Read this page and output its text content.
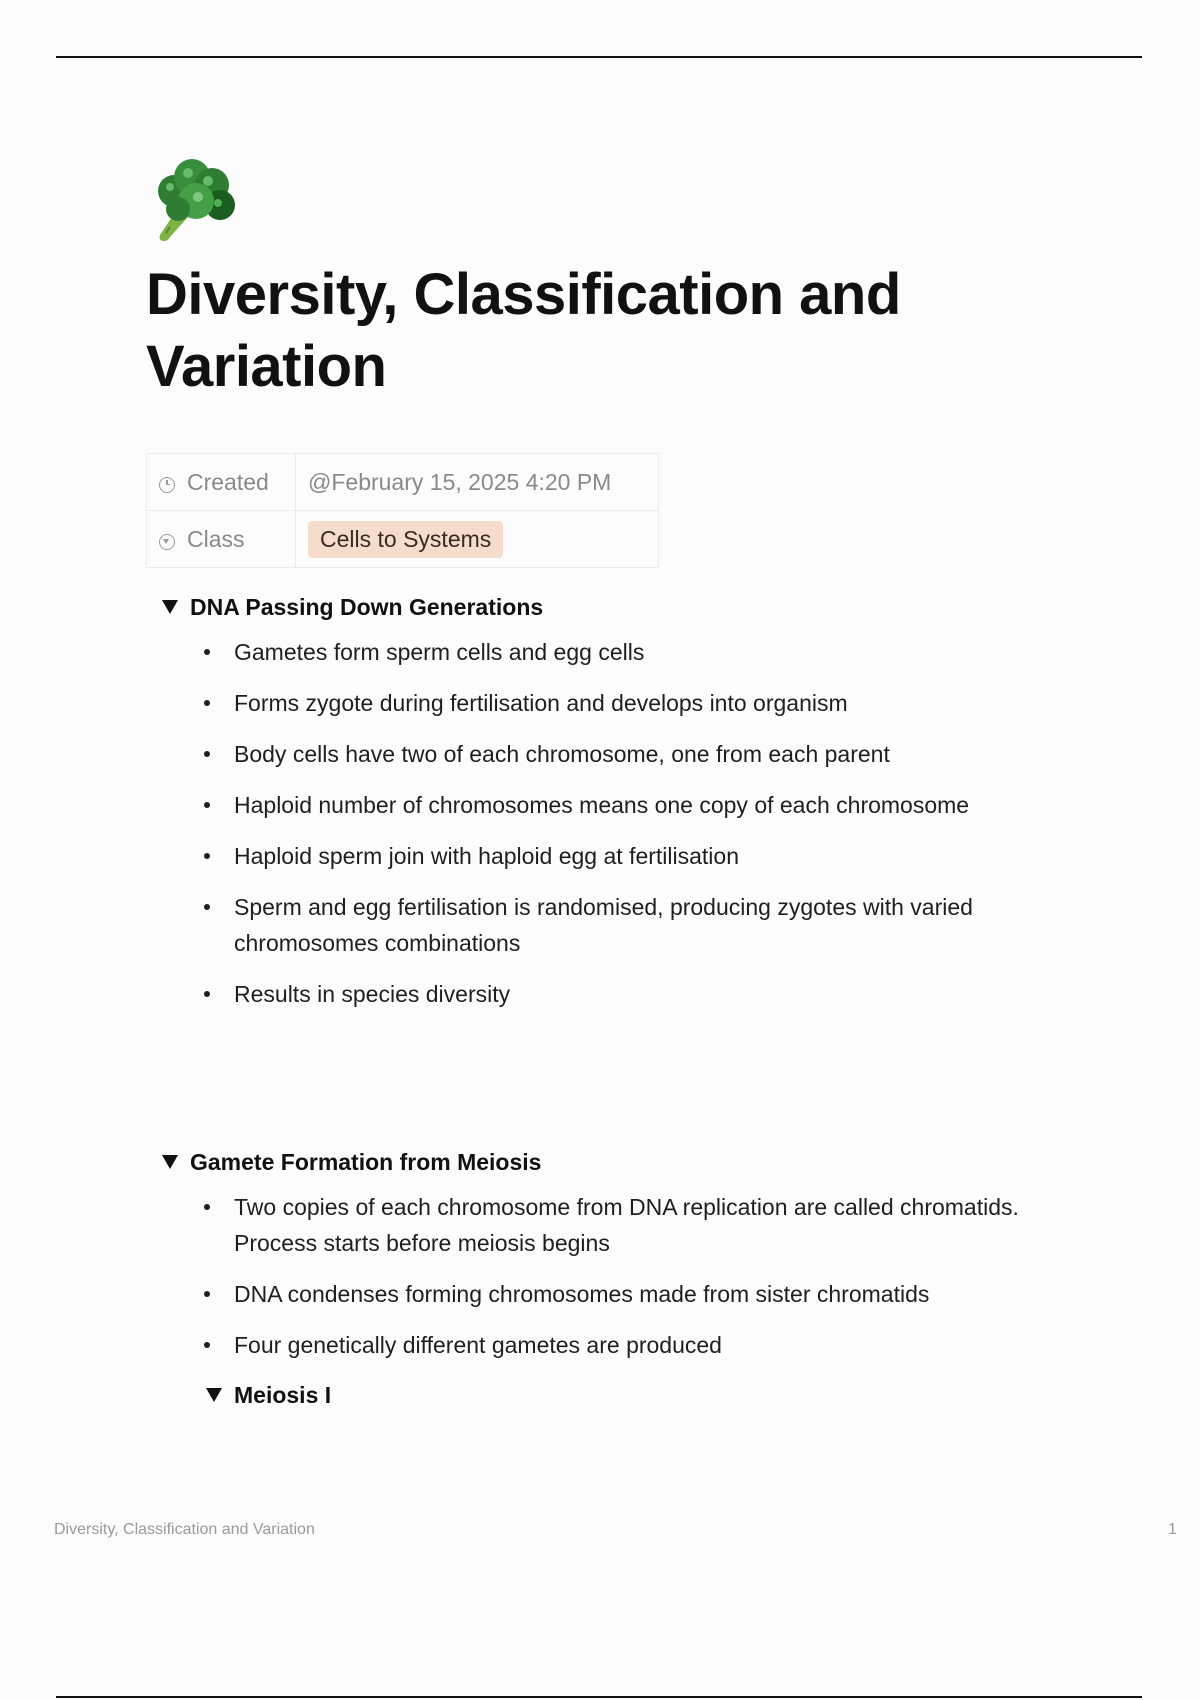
Diversity, Classification and Variation
Created	@February 15, 2025 4:20 PM
Class	Cells to Systems
DNA Passing Down Generations
Gametes form sperm cells and egg cells
Forms zygote during fertilisation and develops into organism
Body cells have two of each chromosome, one from each parent
Haploid number of chromosomes means one copy of each chromosome
Haploid sperm join with haploid egg at fertilisation
Sperm and egg fertilisation is randomised, producing zygotes with varied chromosomes combinations
Results in species diversity
Gamete Formation from Meiosis
Two copies of each chromosome from DNA replication are called chromatids. Process starts before meiosis begins
DNA condenses forming chromosomes made from sister chromatids
Four genetically different gametes are produced
Meiosis I
Diversity, Classification and Variation	1
